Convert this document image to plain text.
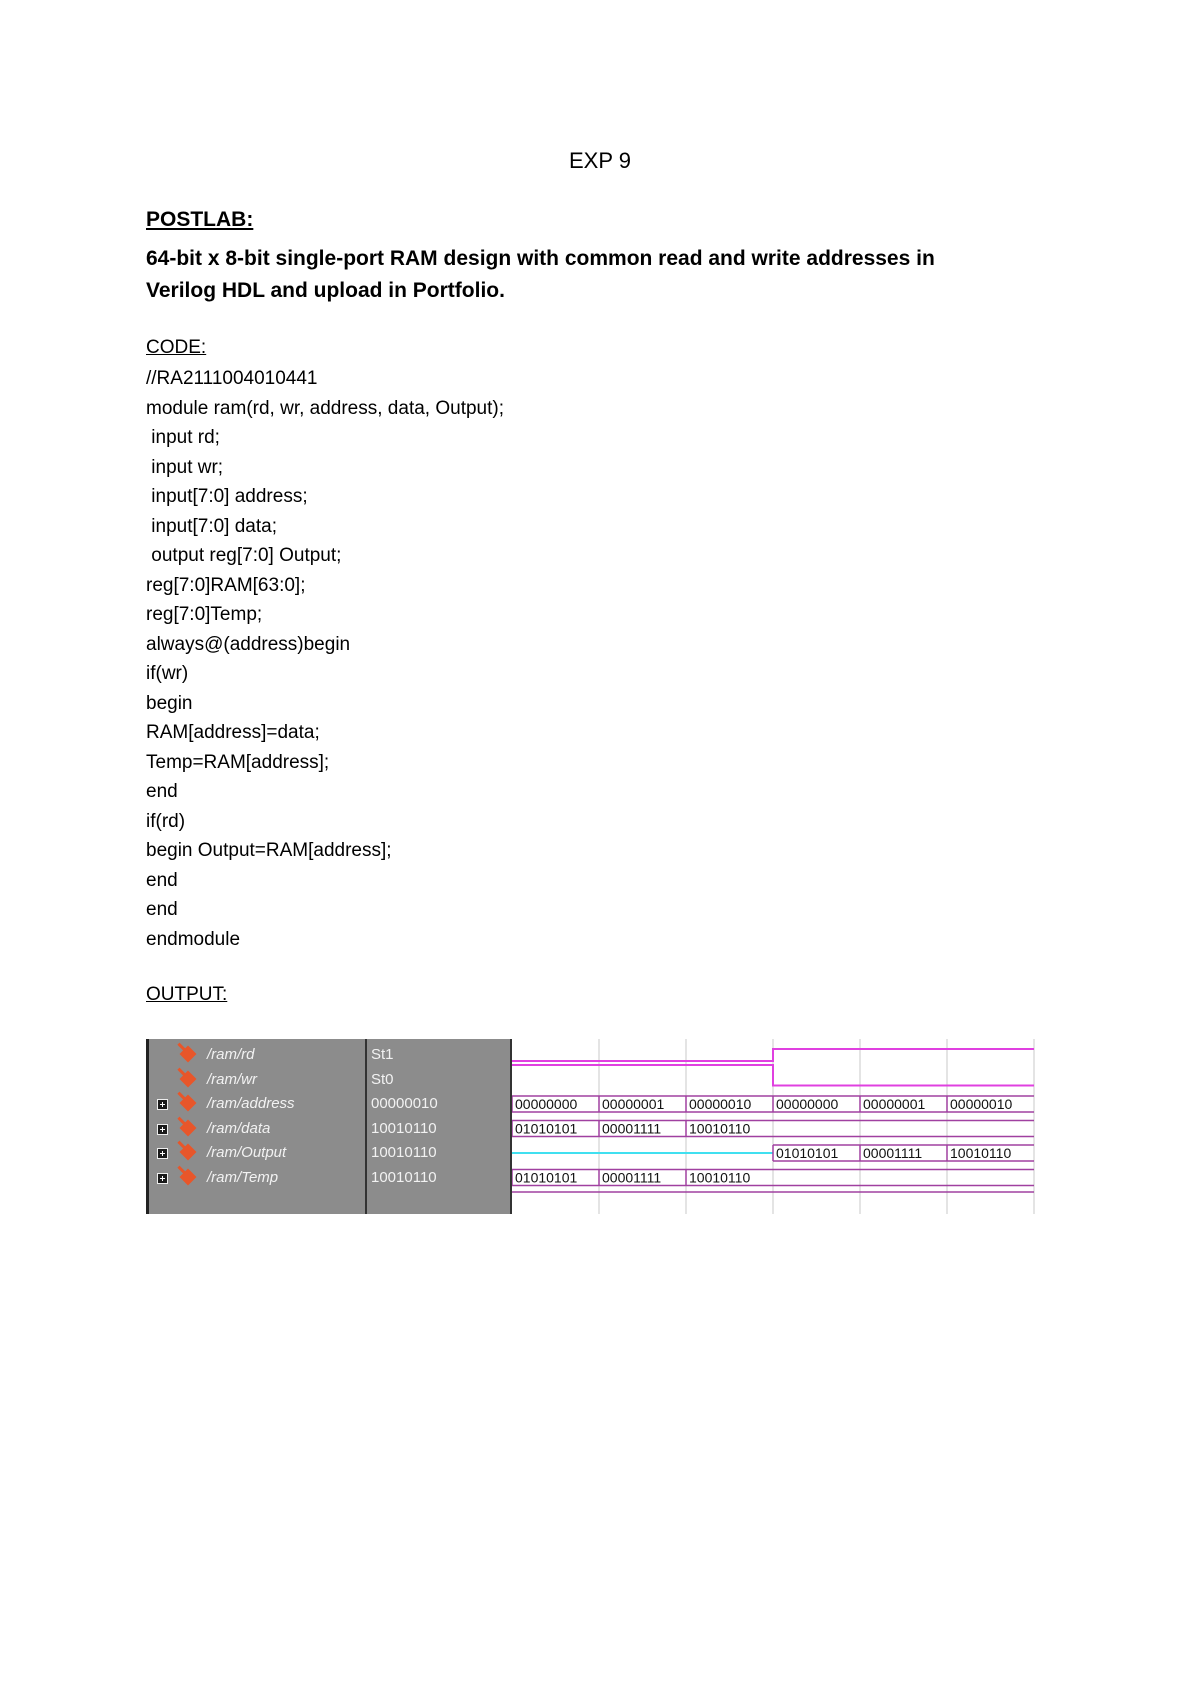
EXP 9
POSTLAB:
64-bit x 8-bit single-port RAM design with common read and write addresses in Verilog HDL and upload in Portfolio.
CODE:
//RA2111004010441
module ram(rd, wr, address, data, Output);
input rd;
input wr;
input[7:0] address;
input[7:0] data;
output reg[7:0] Output;
reg[7:0]RAM[63:0];
reg[7:0]Temp;
always@(address)begin
if(wr)
begin
RAM[address]=data;
Temp=RAM[address];
end
if(rd)
begin Output=RAM[address];
end
end
endmodule
OUTPUT:
/ram/rd
/ram/wr
/ram/address
/ram/data
/ram/Output
/ram/Temp
St1
St0
00000010
10010110
10010110
10010110
00000000 00000001 00000010 00000000 00000001 00000010
01010101 00001111 10010110
01010101 00001111 10010110
01010101 00001111 10010110
